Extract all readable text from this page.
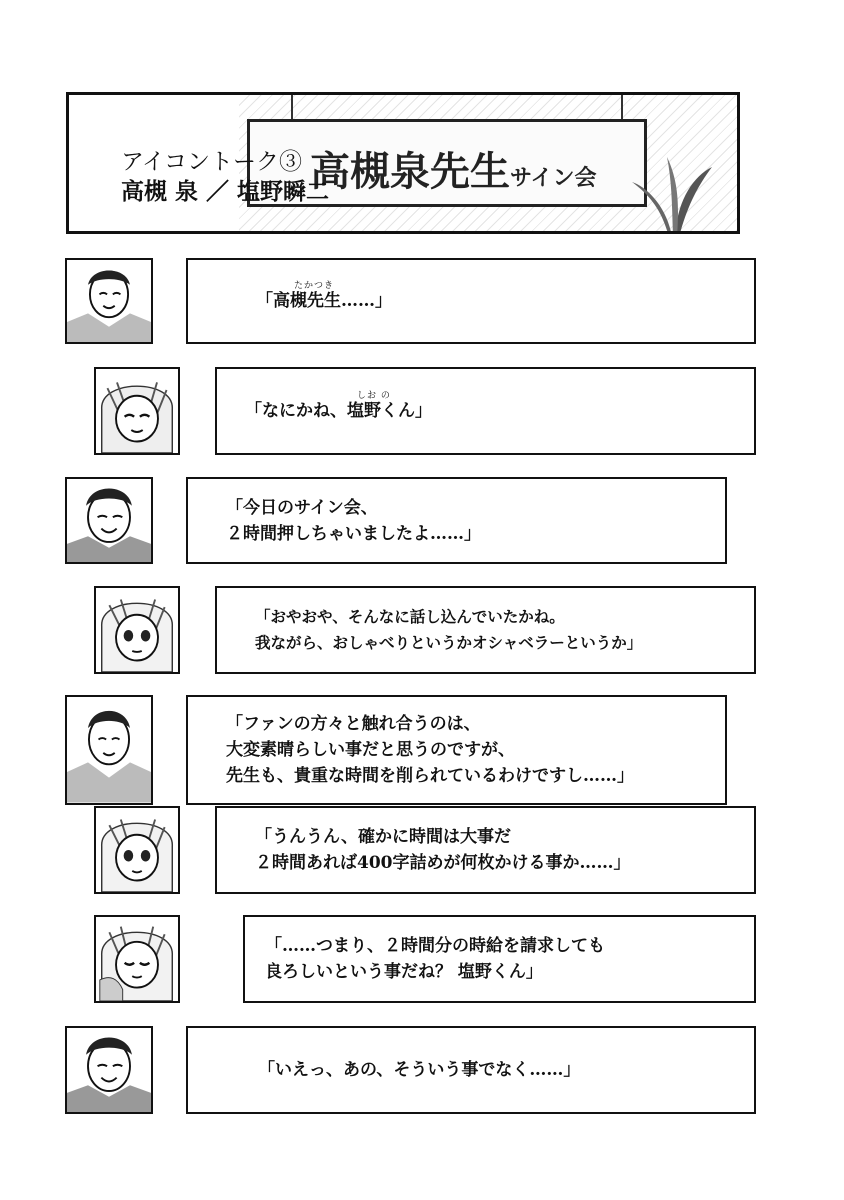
高槻泉先生サイン会
アイコントーク③
高槻 泉 ／ 塩野瞬二
たかつき
「高槻先生……」
しお の
「なにかね、塩野くん」
「今日のサイン会、
２時間押しちゃいましたよ……」
「おやおや、そんなに話し込んでいたかね。
我ながら、おしゃべりというかオシャベラーというか」
「ファンの方々と触れ合うのは、
大変素晴らしい事だと思うのですが、
先生も、貴重な時間を削られているわけですし……」
「うんうん、確かに時間は大事だ
２時間あれば400字詰めが何枚かける事か……」
「……つまり、２時間分の時給を請求しても
良ろしいという事だね？ 塩野くん」
「いえっ、あの、そういう事でなく……」
